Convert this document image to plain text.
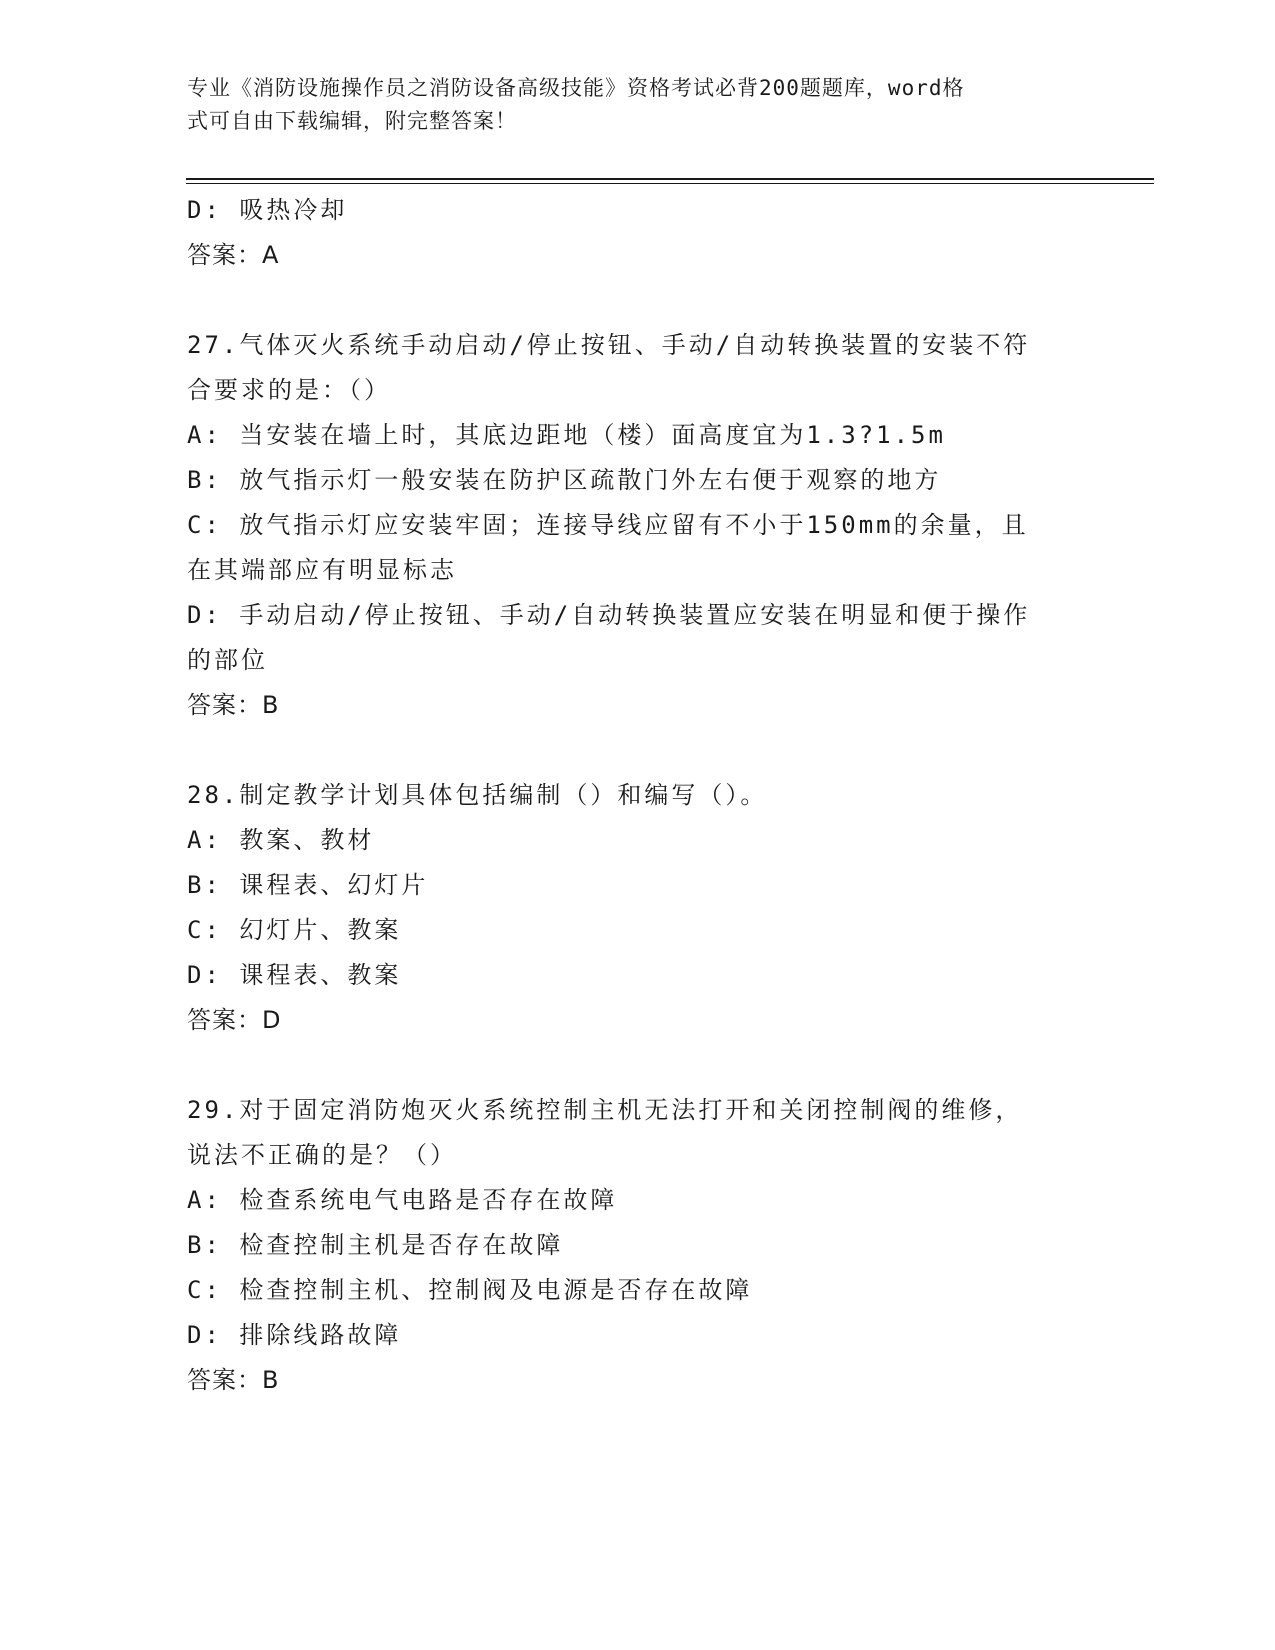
专业《消防设施操作员之消防设备高级技能》资格考试必背200题题库，word格
式可自由下载编辑，附完整答案！
D: 吸热冷却
答案：A
27.气体灭火系统手动启动/停止按钮、手动/自动转换装置的安装不符
合要求的是：（）
A: 当安装在墙上时，其底边距地（楼）面高度宜为1.3?1.5m
B: 放气指示灯一般安装在防护区疏散门外左右便于观察的地方
C: 放气指示灯应安装牢固；连接导线应留有不小于150mm的余量，且
在其端部应有明显标志
D: 手动启动/停止按钮、手动/自动转换装置应安装在明显和便于操作
的部位
答案：B
28.制定教学计划具体包括编制（）和编写（）。
A: 教案、教材
B: 课程表、幻灯片
C: 幻灯片、教案
D: 课程表、教案
答案：D
29.对于固定消防炮灭火系统控制主机无法打开和关闭控制阀的维修，
说法不正确的是？（）
A: 检查系统电气电路是否存在故障
B: 检查控制主机是否存在故障
C: 检查控制主机、控制阀及电源是否存在故障
D: 排除线路故障
答案：B
